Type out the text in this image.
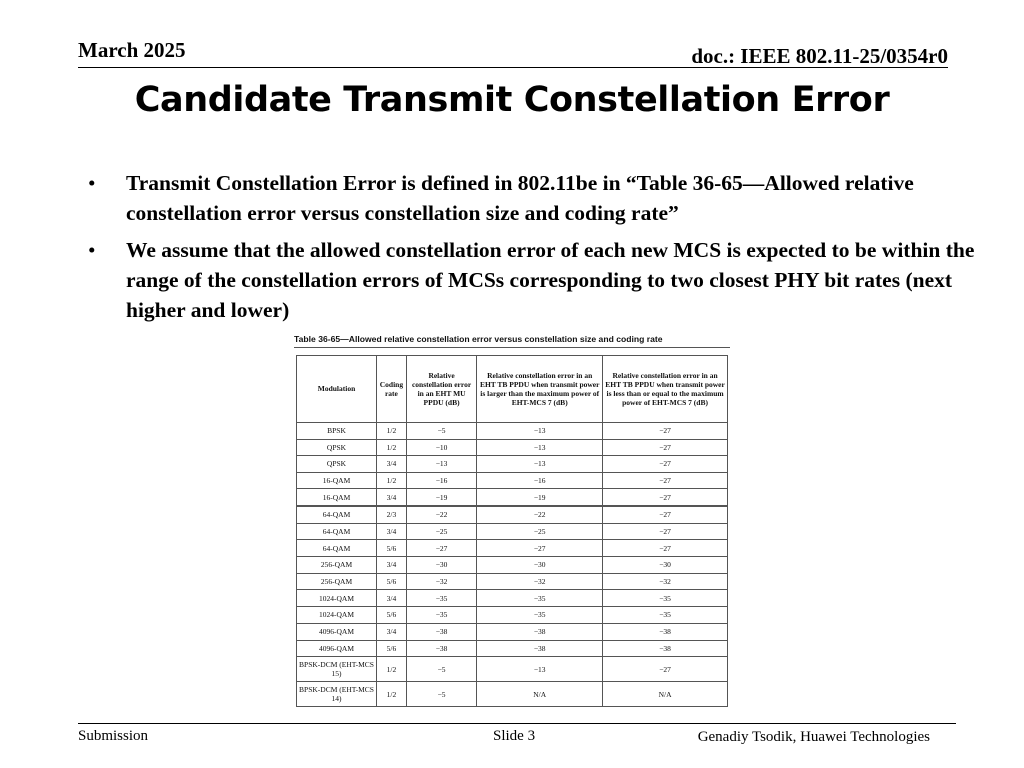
March 2025	doc.: IEEE 802.11-25/0354r0
Candidate Transmit Constellation Error
• Transmit Constellation Error is defined in 802.11be in “Table 36-65—Allowed relative constellation error versus constellation size and coding rate”
• We assume that the allowed constellation error of each new MCS is expected to be within the range of the constellation errors of MCSs corresponding to two closest PHY bit rates (next higher and lower)
Table 36-65—Allowed relative constellation error versus constellation size and coding rate
Modulation	Coding rate	Relative constellation error in an EHT MU PPDU (dB)	Relative constellation error in an EHT TB PPDU when transmit power is larger than the maximum power of EHT-MCS 7 (dB)	Relative constellation error in an EHT TB PPDU when transmit power is less than or equal to the maximum power of EHT-MCS 7 (dB)
BPSK	1/2	−5	−13	−27
QPSK	1/2	−10	−13	−27
QPSK	3/4	−13	−13	−27
16-QAM	1/2	−16	−16	−27
16-QAM	3/4	−19	−19	−27
64-QAM	2/3	−22	−22	−27
64-QAM	3/4	−25	−25	−27
64-QAM	5/6	−27	−27	−27
256-QAM	3/4	−30	−30	−30
256-QAM	5/6	−32	−32	−32
1024-QAM	3/4	−35	−35	−35
1024-QAM	5/6	−35	−35	−35
4096-QAM	3/4	−38	−38	−38
4096-QAM	5/6	−38	−38	−38
BPSK-DCM (EHT-MCS 15)	1/2	−5	−13	−27
BPSK-DCM (EHT-MCS 14)	1/2	−5	N/A	N/A
Submission	Slide 3	Genadiy Tsodik, Huawei Technologies
